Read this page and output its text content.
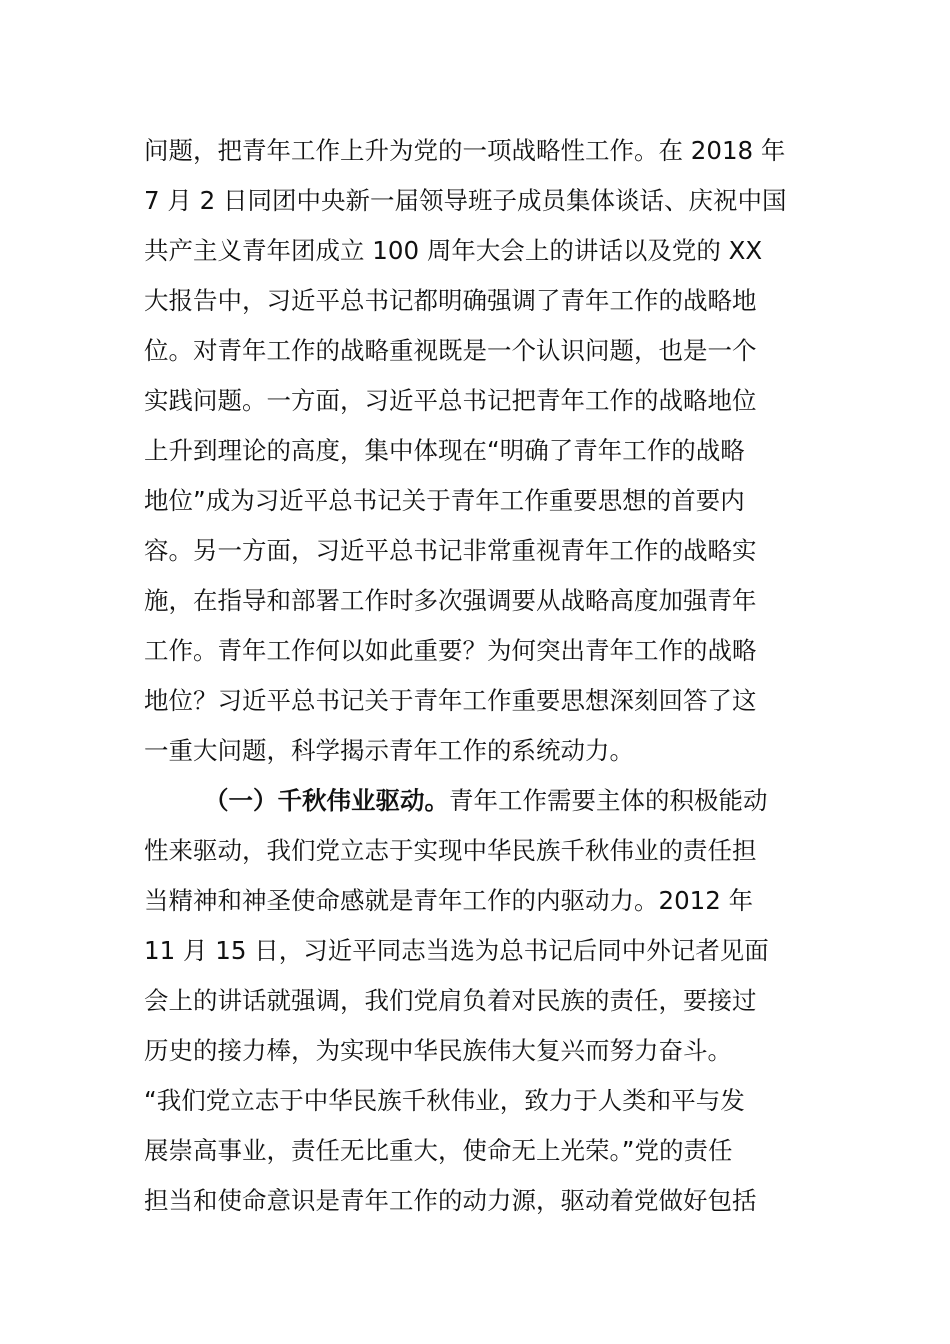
问题，把青年工作上升为党的一项战略性工作。在 2018 年
7 月 2 日同团中央新一届领导班子成员集体谈话、庆祝中国
共产主义青年团成立 100 周年大会上的讲话以及党的 XX
大报告中，习近平总书记都明确强调了青年工作的战略地
位。对青年工作的战略重视既是一个认识问题，也是一个
实践问题。一方面，习近平总书记把青年工作的战略地位
上升到理论的高度，集中体现在“明确了青年工作的战略
地位”成为习近平总书记关于青年工作重要思想的首要内
容。另一方面，习近平总书记非常重视青年工作的战略实
施，在指导和部署工作时多次强调要从战略高度加强青年
工作。青年工作何以如此重要？为何突出青年工作的战略
地位？习近平总书记关于青年工作重要思想深刻回答了这
一重大问题，科学揭示青年工作的系统动力。
（一）千秋伟业驱动。青年工作需要主体的积极能动
性来驱动，我们党立志于实现中华民族千秋伟业的责任担
当精神和神圣使命感就是青年工作的内驱动力。2012 年
11 月 15 日，习近平同志当选为总书记后同中外记者见面
会上的讲话就强调，我们党肩负着对民族的责任，要接过
历史的接力棒，为实现中华民族伟大复兴而努力奋斗。
“我们党立志于中华民族千秋伟业，致力于人类和平与发
展崇高事业，责任无比重大，使命无上光荣。”党的责任
担当和使命意识是青年工作的动力源，驱动着党做好包括
